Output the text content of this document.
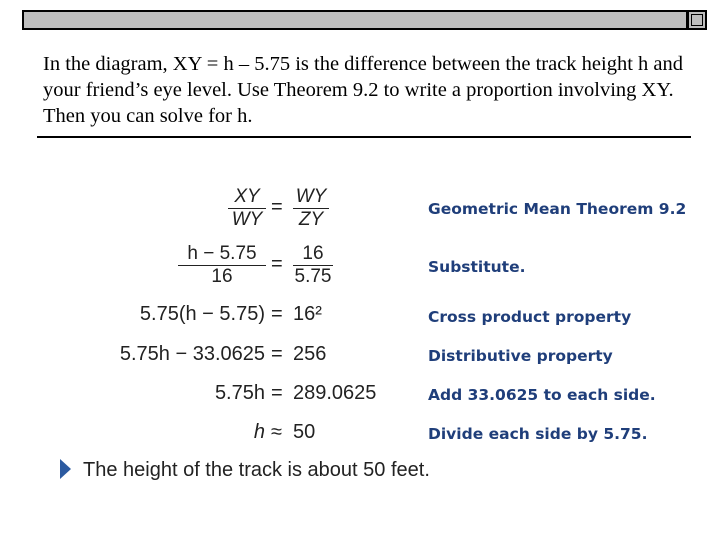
In the diagram, XY = h – 5.75 is the difference between the track height h and your friend’s eye level. Use Theorem 9.2 to write a proportion involving XY. Then you can solve for h.

$\frac{XY}{WY} = \frac{WY}{ZY}$	Geometric Mean Theorem 9.2
$\frac{h - 5.75}{16} = \frac{16}{5.75}$	Substitute.
5.75(h − 5.75) = 16²	Cross product property
5.75h − 33.0625 = 256	Distributive property
5.75h = 289.0625	Add 33.0625 to each side.
h ≈ 50	Divide each side by 5.75.
The height of the track is about 50 feet.
